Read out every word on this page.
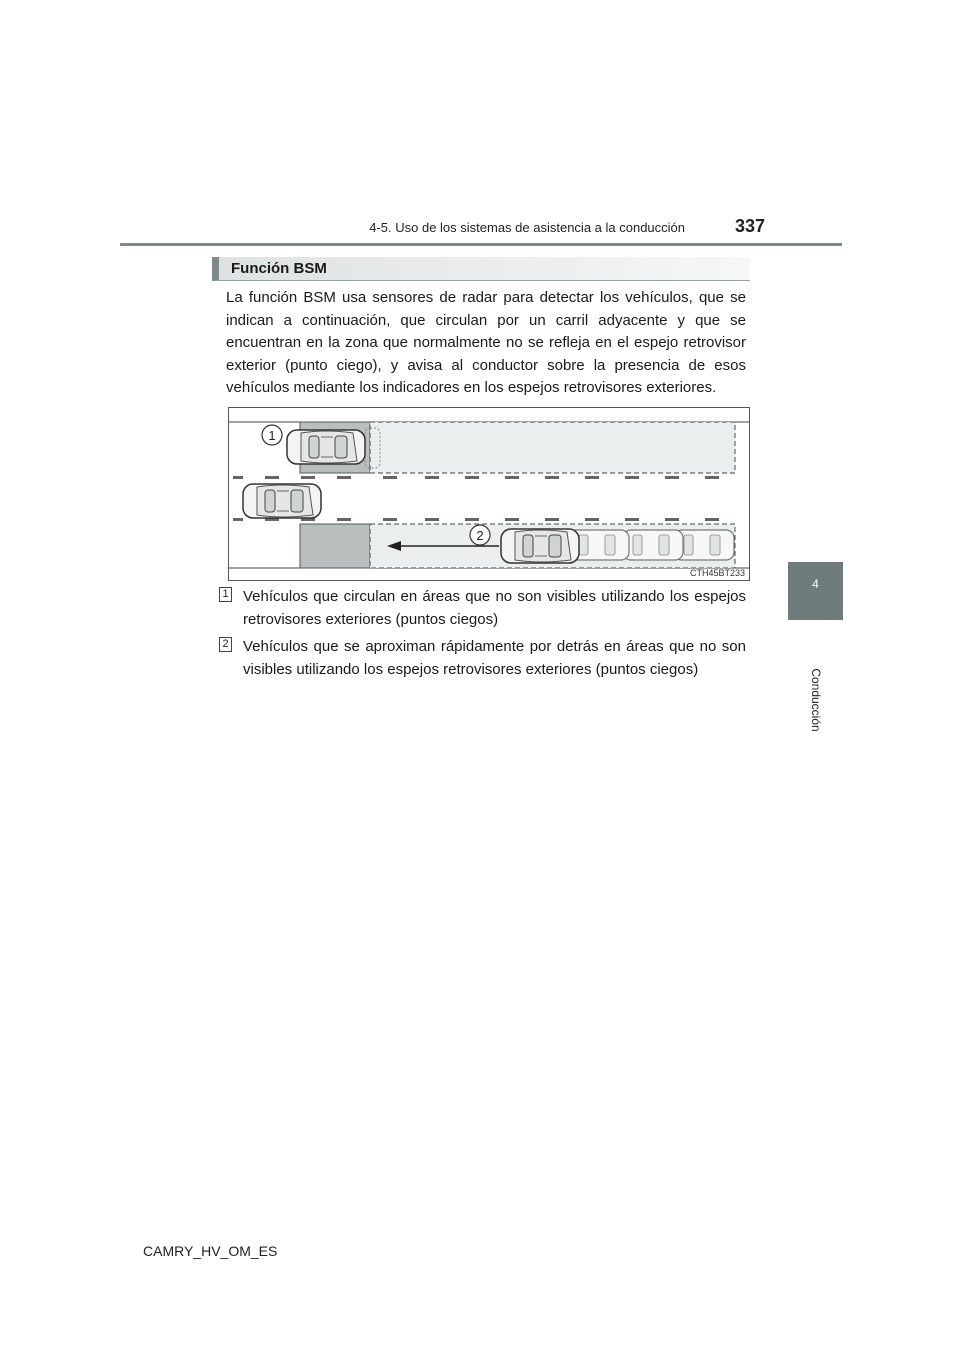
4-5. Uso de los sistemas de asistencia a la conducción	337
4
Conducción
Función BSM

La función BSM usa sensores de radar para detectar los vehículos, que se indican a continuación, que circulan por un carril adyacente y que se encuentran en la zona que normalmente no se refleja en el espejo retrovisor exterior (punto ciego), y avisa al conductor sobre la presencia de esos vehículos mediante los indicadores en los espejos retrovisores exteriores.

1
2
CTH45BT233
1 Vehículos que circulan en áreas que no son visibles utilizando los espejos retrovisores exteriores (puntos ciegos)

2 Vehículos que se aproximan rápidamente por detrás en áreas que no son visibles utilizando los espejos retrovisores exteriores (puntos ciegos)

CAMRY_HV_OM_ES
